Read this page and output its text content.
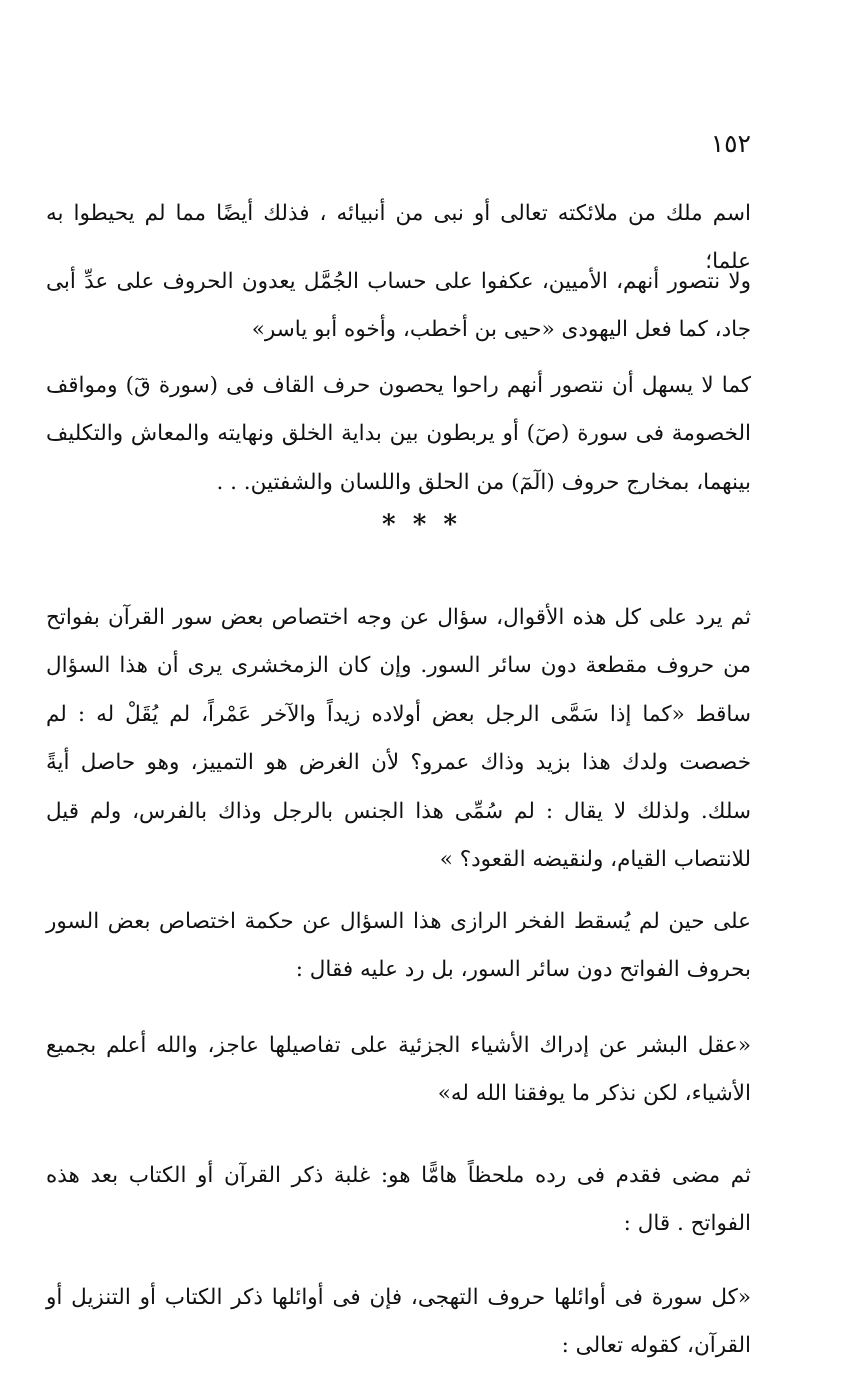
١٥٢

اسم ملك من ملائكته تعالى أو نبى من أنبيائه ، فذلك أيضًا مما لم يحيطوا به علما؛

ولا نتصور أنهم، الأميين، عكفوا على حساب الجُمَّل يعدون الحروف على عدِّ أبى جاد، كما فعل اليهودى «حيى بن أخطب، وأخوه أبو ياسر»

كما لا يسهل أن نتصور أنهم راحوا يحصون حرف القاف فى (سورة قٓ) ومواقف الخصومة فى سورة (صٓ) أو يربطون بين بداية الخلق ونهايته والمعاش والتكليف بينهما، بمخارج حروف (الٓمٓ) من الحلق واللسان والشفتين. . .

* * *

ثم يرد على كل هذه الأقوال، سؤال عن وجه اختصاص بعض سور القرآن بفواتح من حروف مقطعة دون سائر السور. وإن كان الزمخشرى يرى أن هذا السؤال ساقط «كما إذا سَمَّى الرجل بعض أولاده زيداً والآخر عَمْراً، لم يُقَلْ له : لم خصصت ولدك هذا بزيد وذاك عمرو؟ لأن الغرض هو التمييز، وهو حاصل أيةً سلك. ولذلك لا يقال : لم سُمِّى هذا الجنس بالرجل وذاك بالفرس، ولم قيل للانتصاب القيام، ولنقيضه القعود؟ »

على حين لم يُسقط الفخر الرازى هذا السؤال عن حكمة اختصاص بعض السور بحروف الفواتح دون سائر السور، بل رد عليه فقال :

«عقل البشر عن إدراك الأشياء الجزئية على تفاصيلها عاجز، والله أعلم بجميع الأشياء، لكن نذكر ما يوفقنا الله له»

ثم مضى فقدم فى رده ملحظاً هامًّا هو: غلبة ذكر القرآن أو الكتاب بعد هذه الفواتح . قال :

«كل سورة فى أوائلها حروف التهجى، فإن فى أوائلها ذكر الكتاب أو التنزيل أو القرآن، كقوله تعالى :
